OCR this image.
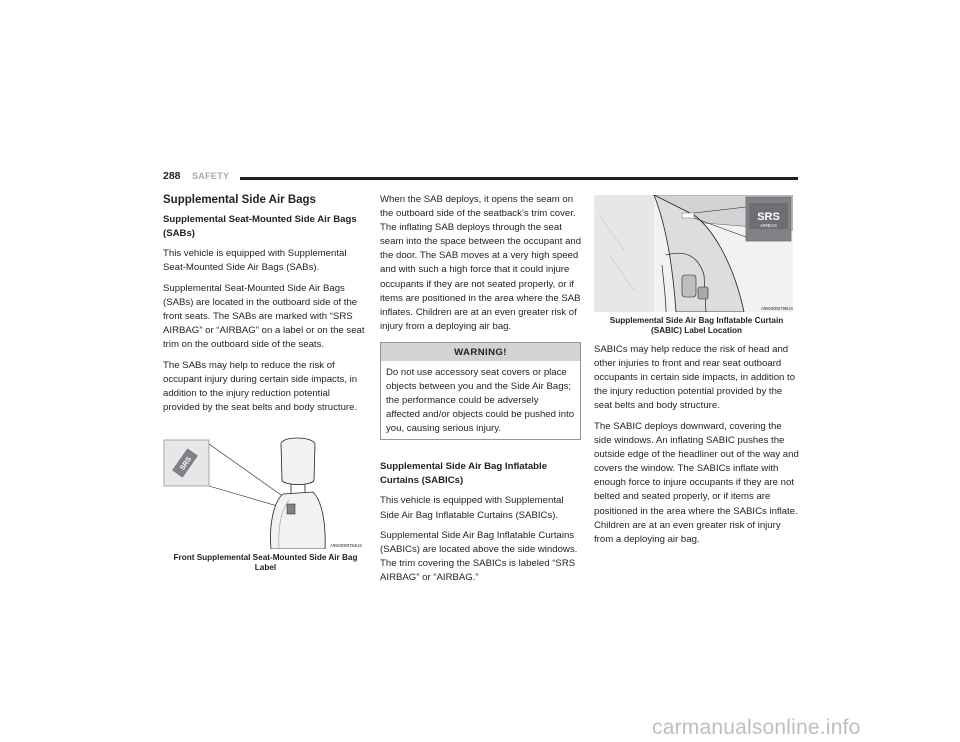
288 SAFETY
Supplemental Side Air Bags
Supplemental Seat-Mounted Side Air Bags (SABs)

This vehicle is equipped with Supplemental Seat-Mounted Side Air Bags (SABs).

Supplemental Seat-Mounted Side Air Bags (SABs) are located in the outboard side of the front seats. The SABs are marked with “SRS AIRBAG” or “AIRBAG” on a label or on the seat trim on the outboard side of the seats.

The SABs may help to reduce the risk of occupant injury during certain side impacts, in addition to the injury reduction potential provided by the seat belts and body structure.

SRS
A0503000794US
Front Supplemental Seat-Mounted Side Air Bag Label

When the SAB deploys, it opens the seam on the outboard side of the seatback’s trim cover. The inflating SAB deploys through the seat seam into the space between the occupant and the door. The SAB moves at a very high speed and with such a high force that it could injure occupants if they are not seated properly, or if items are positioned in the area where the SAB inflates. Children are at an even greater risk of injury from a deploying air bag.

WARNING!
Do not use accessory seat covers or place objects between you and the Side Air Bags; the performance could be adversely affected and/or objects could be pushed into you, causing serious injury.
Supplemental Side Air Bag Inflatable Curtains (SABICs)

This vehicle is equipped with Supplemental Side Air Bag Inflatable Curtains (SABICs).

Supplemental Side Air Bag Inflatable Curtains (SABICs) are located above the side windows. The trim covering the SABICs is labeled “SRS AIRBAG” or “AIRBAG.”

SRS
AIRBAG
A0503000795US
Supplemental Side Air Bag Inflatable Curtain (SABIC) Label Location

SABICs may help reduce the risk of head and other injuries to front and rear seat outboard occupants in certain side impacts, in addition to the injury reduction potential provided by the seat belts and body structure.

The SABIC deploys downward, covering the side windows. An inflating SABIC pushes the outside edge of the headliner out of the way and covers the window. The SABICs inflate with enough force to injure occupants if they are not belted and seated properly, or if items are positioned in the area where the SABICs inflate. Children are at an even greater risk of injury from a deploying air bag.

carmanualsonline.info
